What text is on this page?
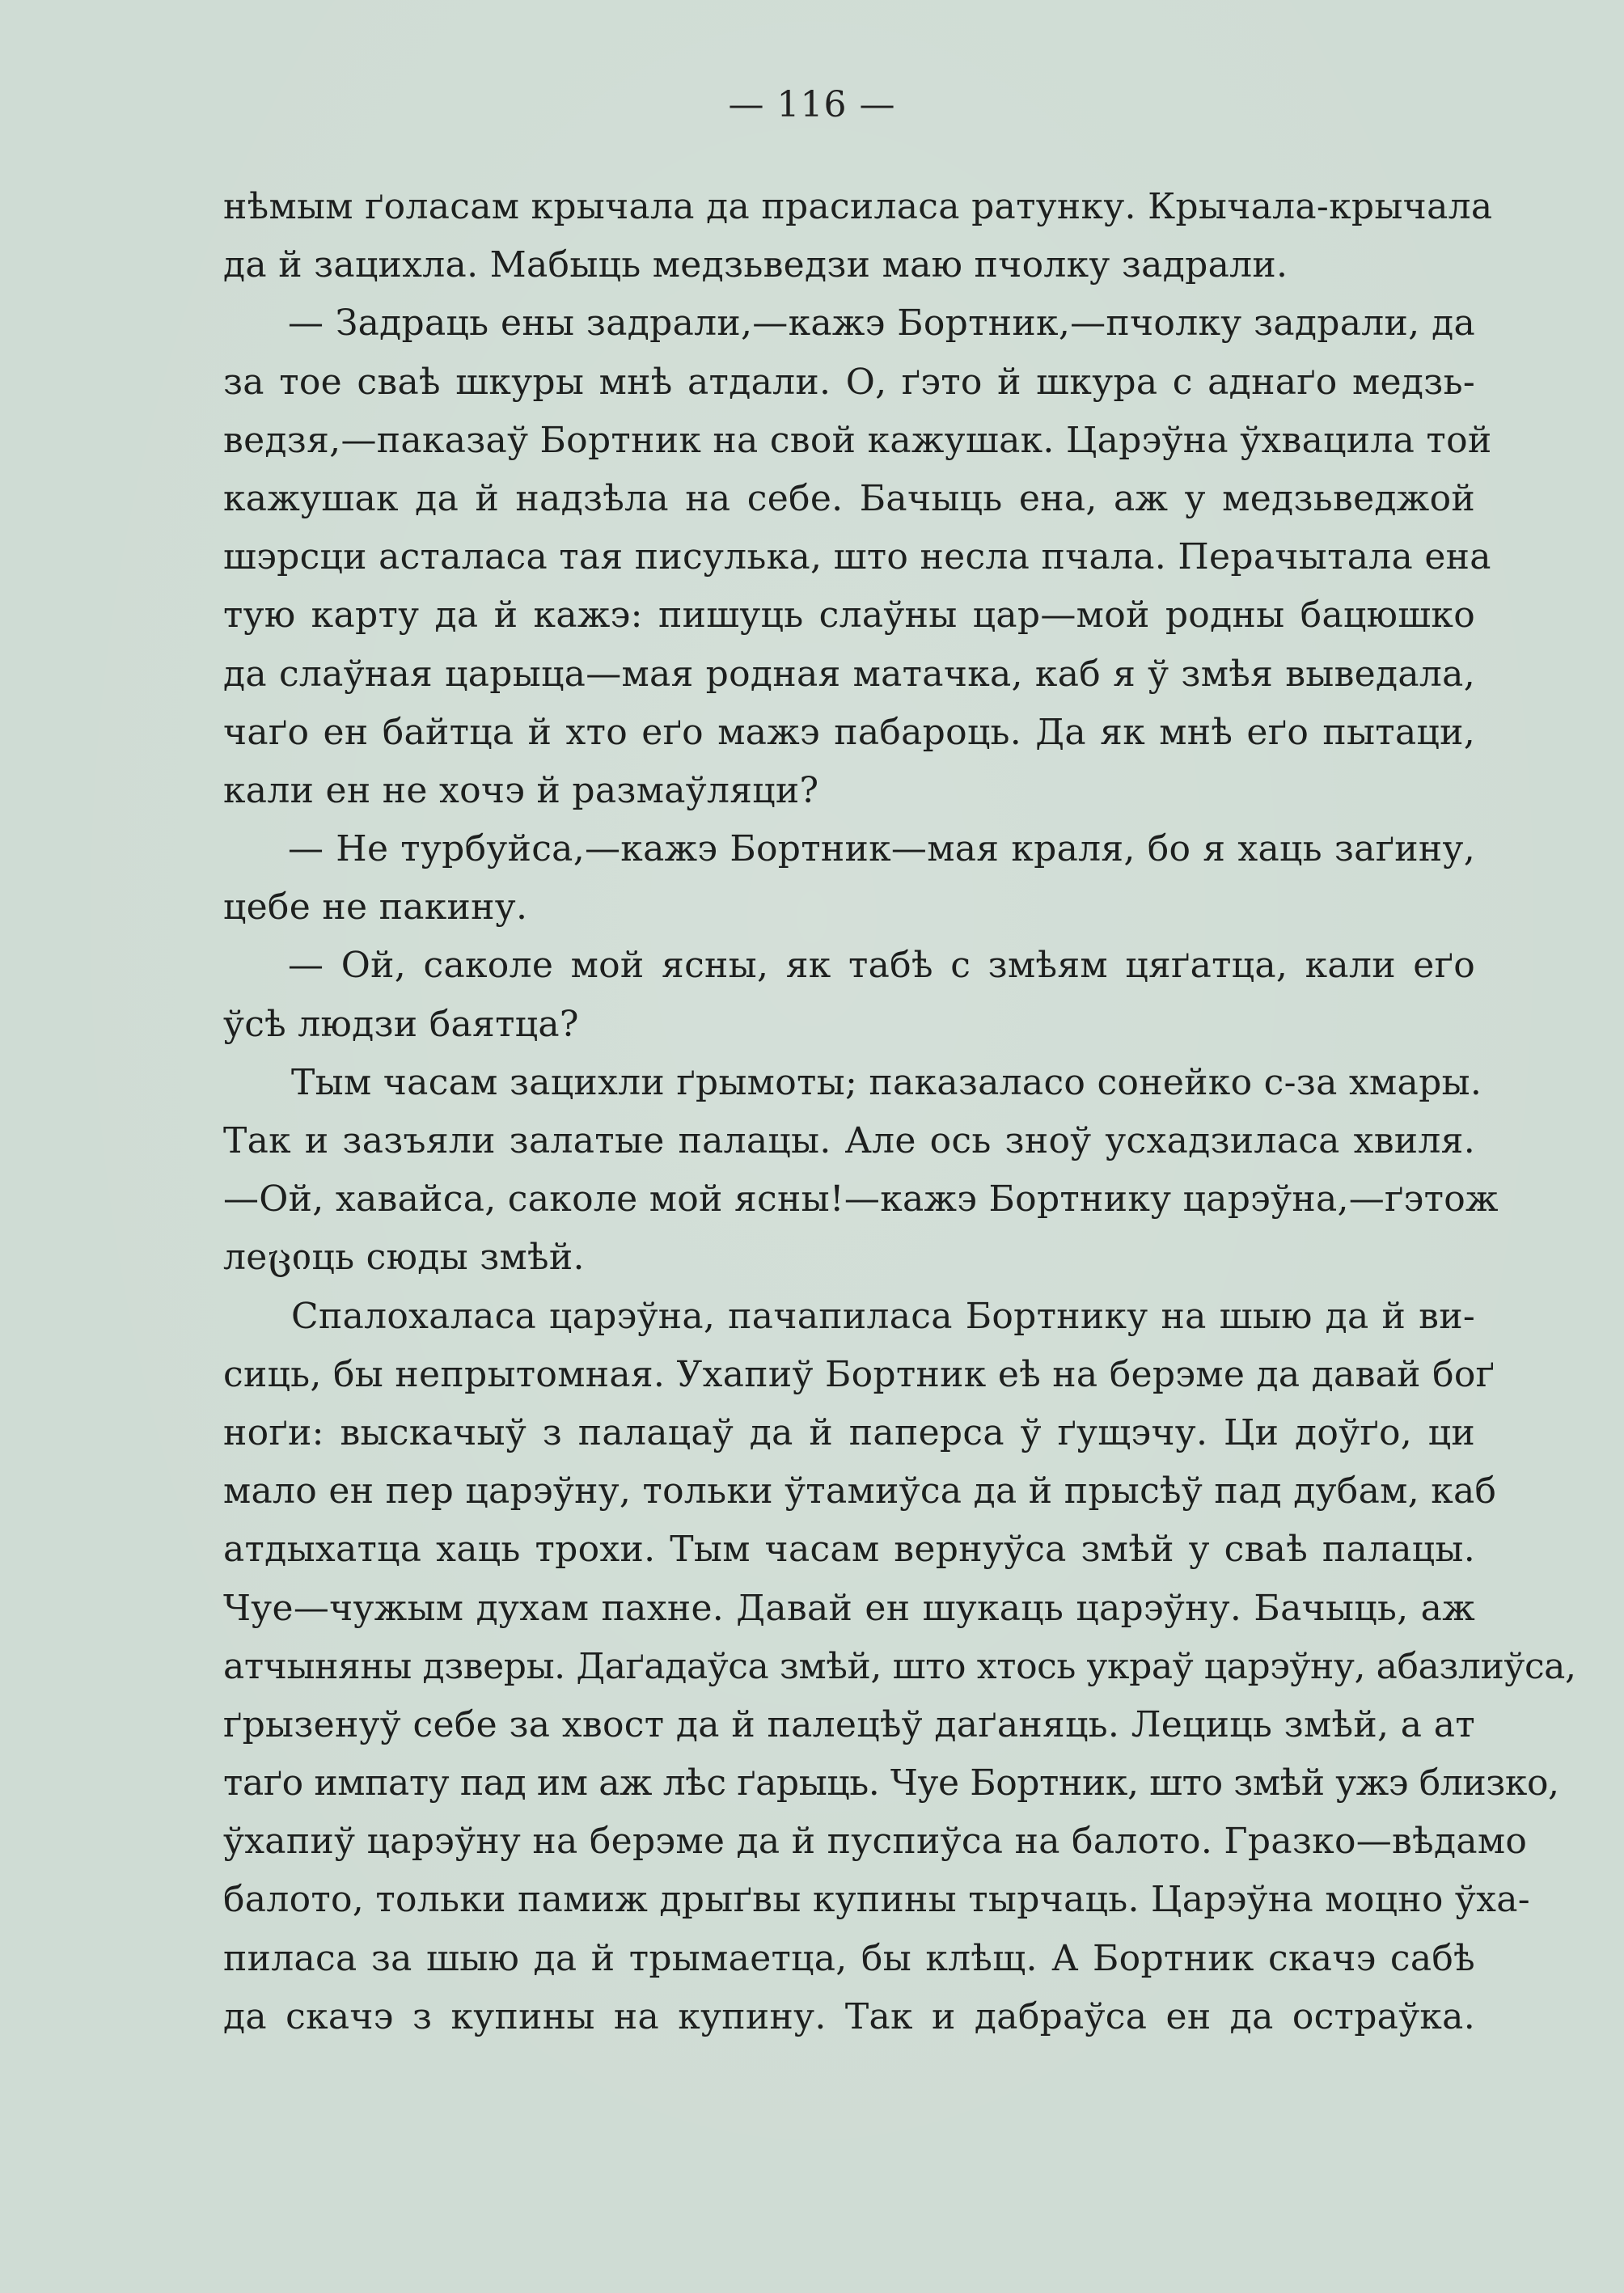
— 116 —
нѣмым ґоласам крычала да прасиласа ратунку. Крычала-крычала
да й зацихла. Мабыць медзьведзи маю пчолку задрали.
— Задраць ены задрали,—кажэ Бортник,—пчолку задрали, да
за тое сваѣ шкуры мнѣ атдали. О, ґэто й шкура с аднаґо медзь-
ведзя,—паказаў Бортник на свой кажушак. Царэўна ўхвацила той
кажушак да й надзѣла на себе. Бачыць ена, аж у медзьведжой
шэрсци асталаса тая писулька, што несла пчала. Перачытала ена
тую карту да й кажэ: пишуць слаўны цар—мой родны бацюшко
да слаўная царыца—мая родная матачка, каб я ў змѣя выведала,
чаґо ен байтца й хто еґо мажэ пабароць. Да як мнѣ еґо пытаци,
кали ен не хочэ й размаўляци?
— Не турбуйса,—кажэ Бортник—мая краля, бо я хаць заґину,
цебе не пакину.
— Ой, саколе мой ясны, як табѣ с змѣям цяґатца, кали еґо
ўсѣ людзи баятца?
Тым часам зацихли ґрымоты; паказаласо сонейко с-за хмары.
Так и зазъяли залатые палацы. Але ось зноў усхадзиласа хвиля.
—Ой, хавайса, саколе мой ясны!—кажэ Бортнику царэўна,—ґэтож
леციць сюды змѣй.
Спалохаласа царэўна, пачапиласа Бортнику на шыю да й ви-
сиць, бы непрытомная. Ухапиў Бортник еѣ на берэме да давай боґ
ноґи: выскачыў з палацаў да й паперса ў ґущэчу. Ци доўґо, ци
мало ен пер царэўну, тольки ўтамиўса да й прысѣў пад дубам, каб
атдыхатца хаць трохи. Тым часам вернуўса змѣй у сваѣ палацы.
Чуе—чужым духам пахне. Давай ен шукаць царэўну. Бачыць, аж
атчыняны дзверы. Даґадаўса змѣй, што хтось украў царэўну, абазлиўса,
ґрызенуў себе за хвост да й палецѣў даґаняць. Лециць змѣй, а ат
таґо импату пад им аж лѣс ґарыць. Чуе Бортник, што змѣй ужэ близко,
ўхапиў царэўну на берэме да й пуспиўса на балото. Гразко—вѣдамо
балото, тольки памиж дрыґвы купины тырчаць. Царэўна моцно ўха-
пиласа за шыю да й трымаетца, бы клѣщ. А Бортник скачэ сабѣ
да скачэ з купины на купину. Так и дабраўса ен да остраўка.
